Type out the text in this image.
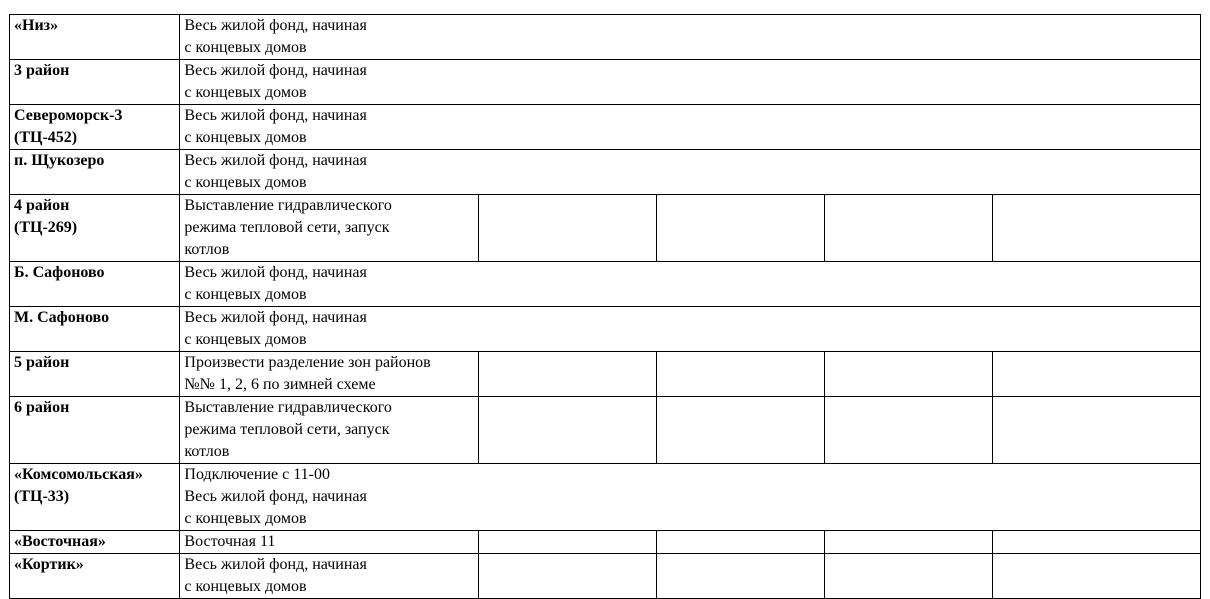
«Низ»	Весь жилой фонд, начиная
с концевых домов				

3 район	Весь жилой фонд, начиная
с концевых домов				

Североморск-3
(ТЦ-452)	Весь жилой фонд, начиная
с концевых домов				

п. Щукозеро	Весь жилой фонд, начиная
с концевых домов				

4 район
(ТЦ-269)	Выставление гидравлического
режима тепловой сети, запуск
котлов				

Б. Сафоново	Весь жилой фонд, начиная
с концевых домов				

М. Сафоново	Весь жилой фонд, начиная
с концевых домов				

5 район	Произвести разделение зон районов
№№ 1, 2, 6 по зимней схеме				

6 район	Выставление гидравлического
режима тепловой сети, запуск
котлов				

«Комсомольская»
(ТЦ-33)	Подключение с 11-00
Весь жилой фонд, начиная
с концевых домов				

«Восточная»	Восточная 11				

«Кортик»	Весь жилой фонд, начиная
с концевых домов				
